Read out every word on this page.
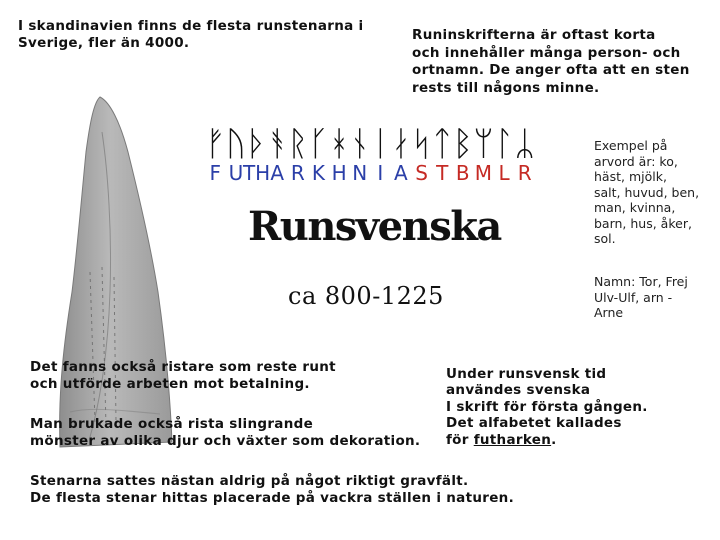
I skandinavien finns de flesta runstenarna i
Sverige, fler än 4000.	Runinskrifterna är oftast korta
och innehåller många person- och
ortnamn. De anger ofta att en sten
rests till någons minne.
ᚠ ᚢ ᚦ ᚬ ᚱ ᚴ ᚼ ᚾ ᛁ ᛅ ᛋ ᛏ ᛒ ᛘ ᛚ ᛦ
F U TH A R K H N I A S T B M L R
Runsvenska
ca 800-1225
Exempel på
arvord är: ko,
häst, mjölk,
salt, huvud, ben,
man, kvinna,
barn, hus, åker,
sol.
Namn: Tor, Frej
Ulv-Ulf, arn -
Arne
Det fanns också ristare som reste runt
och utförde arbeten mot betalning.
Man brukade också rista slingrande
mönster av olika djur och växter som dekoration.

Under runsvensk tid
användes svenska
I skrift för första gången.
Det alfabetet kallades
för futharken.

Stenarna sattes nästan aldrig på något riktigt gravfält.
De flesta stenar hittas placerade på vackra ställen i naturen.
